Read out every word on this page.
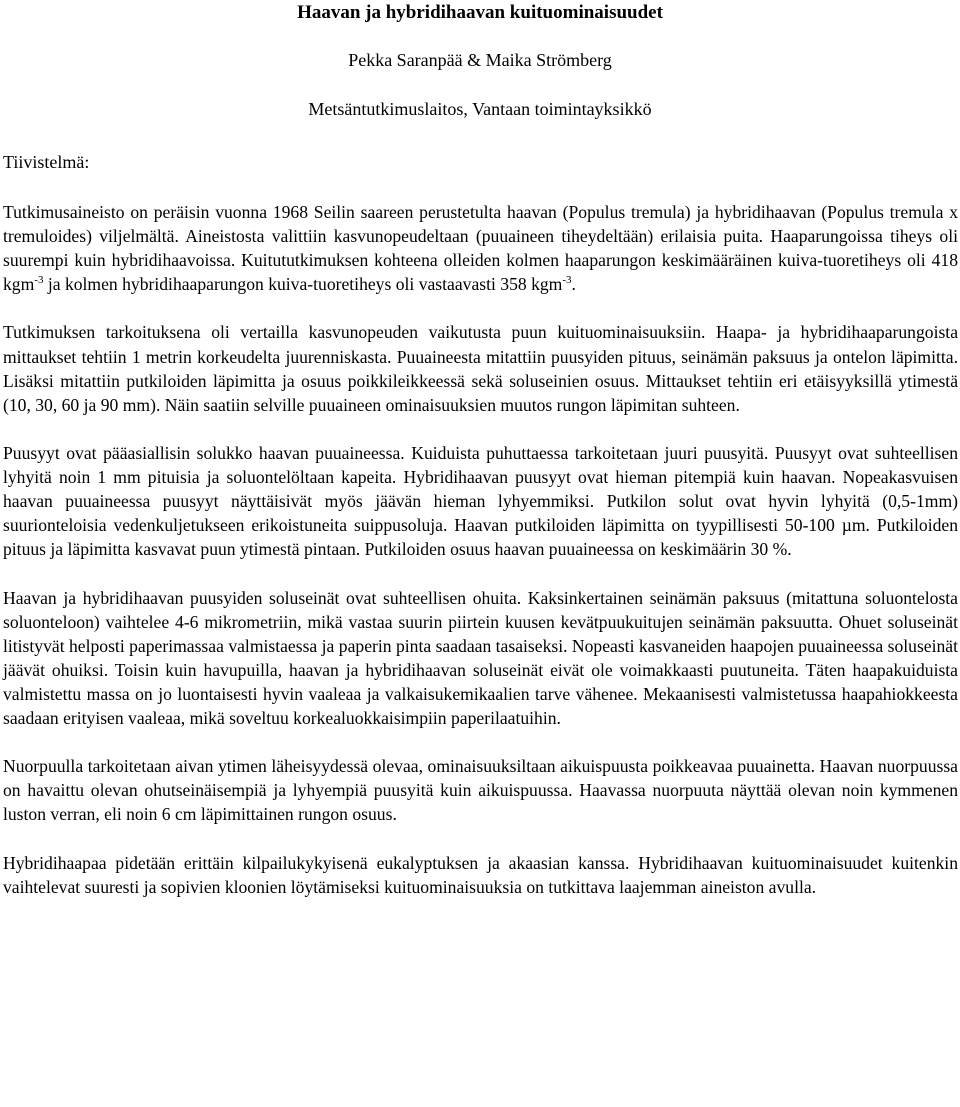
Haavan ja hybridihaavan kuituominaisuudet
Pekka Saranpää & Maika Strömberg
Metsäntutkimuslaitos, Vantaan toimintayksikkö
Tiivistelmä:

Tutkimusaineisto on peräisin vuonna 1968 Seilin saareen perustetulta haavan (Populus tremula) ja hybridihaavan (Populus tremula x tremuloides) viljelmältä. Aineistosta valittiin kasvunopeudeltaan (puuaineen tiheydeltään) erilaisia puita. Haaparungoissa tiheys oli suurempi kuin hybridihaavoissa. Kuitututkimuksen kohteena olleiden kolmen haaparungon keskimääräinen kuiva-tuoretiheys oli 418 kgm$^{-3}$ ja kolmen hybridihaaparungon kuiva-tuoretiheys oli vastaavasti 358 kgm$^{-3}$.

Tutkimuksen tarkoituksena oli vertailla kasvunopeuden vaikutusta puun kuituominaisuuksiin. Haapa- ja hybridihaaparungoista mittaukset tehtiin 1 metrin korkeudelta juurenniskasta. Puuaineesta mitattiin puusyiden pituus, seinämän paksuus ja ontelon läpimitta. Lisäksi mitattiin putkiloiden läpimitta ja osuus poikkileikkeessä sekä soluseinien osuus. Mittaukset tehtiin eri etäisyyksillä ytimestä (10, 30, 60 ja 90 mm). Näin saatiin selville puuaineen ominaisuuksien muutos rungon läpimitan suhteen.

Puusyyt ovat pääasiallisin solukko haavan puuaineessa. Kuiduista puhuttaessa tarkoitetaan juuri puusyitä. Puusyyt ovat suhteellisen lyhyitä noin 1 mm pituisia ja soluontelöltaan kapeita. Hybridihaavan puusyyt ovat hieman pitempiä kuin haavan. Nopeakasvuisen haavan puuaineessa puusyyt näyttäisivät myös jäävän hieman lyhyemmiksi. Putkilon solut ovat hyvin lyhyitä (0,5-1mm) suurionteloisia vedenkuljetukseen erikoistuneita suippusoluja. Haavan putkiloiden läpimitta on tyypillisesti 50-100 µm. Putkiloiden pituus ja läpimitta kasvavat puun ytimestä pintaan. Putkiloiden osuus haavan puuaineessa on keskimäärin 30 %.

Haavan ja hybridihaavan puusyiden soluseinät ovat suhteellisen ohuita. Kaksinkertainen seinämän paksuus (mitattuna soluontelosta soluonteloon) vaihtelee 4-6 mikrometriin, mikä vastaa suurin piirtein kuusen kevätpuukuitujen seinämän paksuutta. Ohuet soluseinät litistyvät helposti paperimassaa valmistaessa ja paperin pinta saadaan tasaiseksi. Nopeasti kasvaneiden haapojen puuaineessa soluseinät jäävät ohuiksi. Toisin kuin havupuilla, haavan ja hybridihaavan soluseinät eivät ole voimakkaasti puutuneita. Täten haapakuiduista valmistettu massa on jo luontaisesti hyvin vaaleaa ja valkaisukemikaalien tarve vähenee. Mekaanisesti valmistetussa haapahiokkeesta saadaan erityisen vaaleaa, mikä soveltuu korkealuokkaisimpiin paperilaatuihin.

Nuorpuulla tarkoitetaan aivan ytimen läheisyydessä olevaa, ominaisuuksiltaan aikuispuusta poikkeavaa puuainetta. Haavan nuorpuussa on havaittu olevan ohutseinäisempiä ja lyhyempiä puusyitä kuin aikuispuussa. Haavassa nuorpuuta näyttää olevan noin kymmenen luston verran, eli noin 6 cm läpimittainen rungon osuus.

Hybridihaapaa pidetään erittäin kilpailukykyisenä eukalyptuksen ja akaasian kanssa. Hybridihaavan kuituominaisuudet kuitenkin vaihtelevat suuresti ja sopivien kloonien löytämiseksi kuituominaisuuksia on tutkittava laajemman aineiston avulla.
